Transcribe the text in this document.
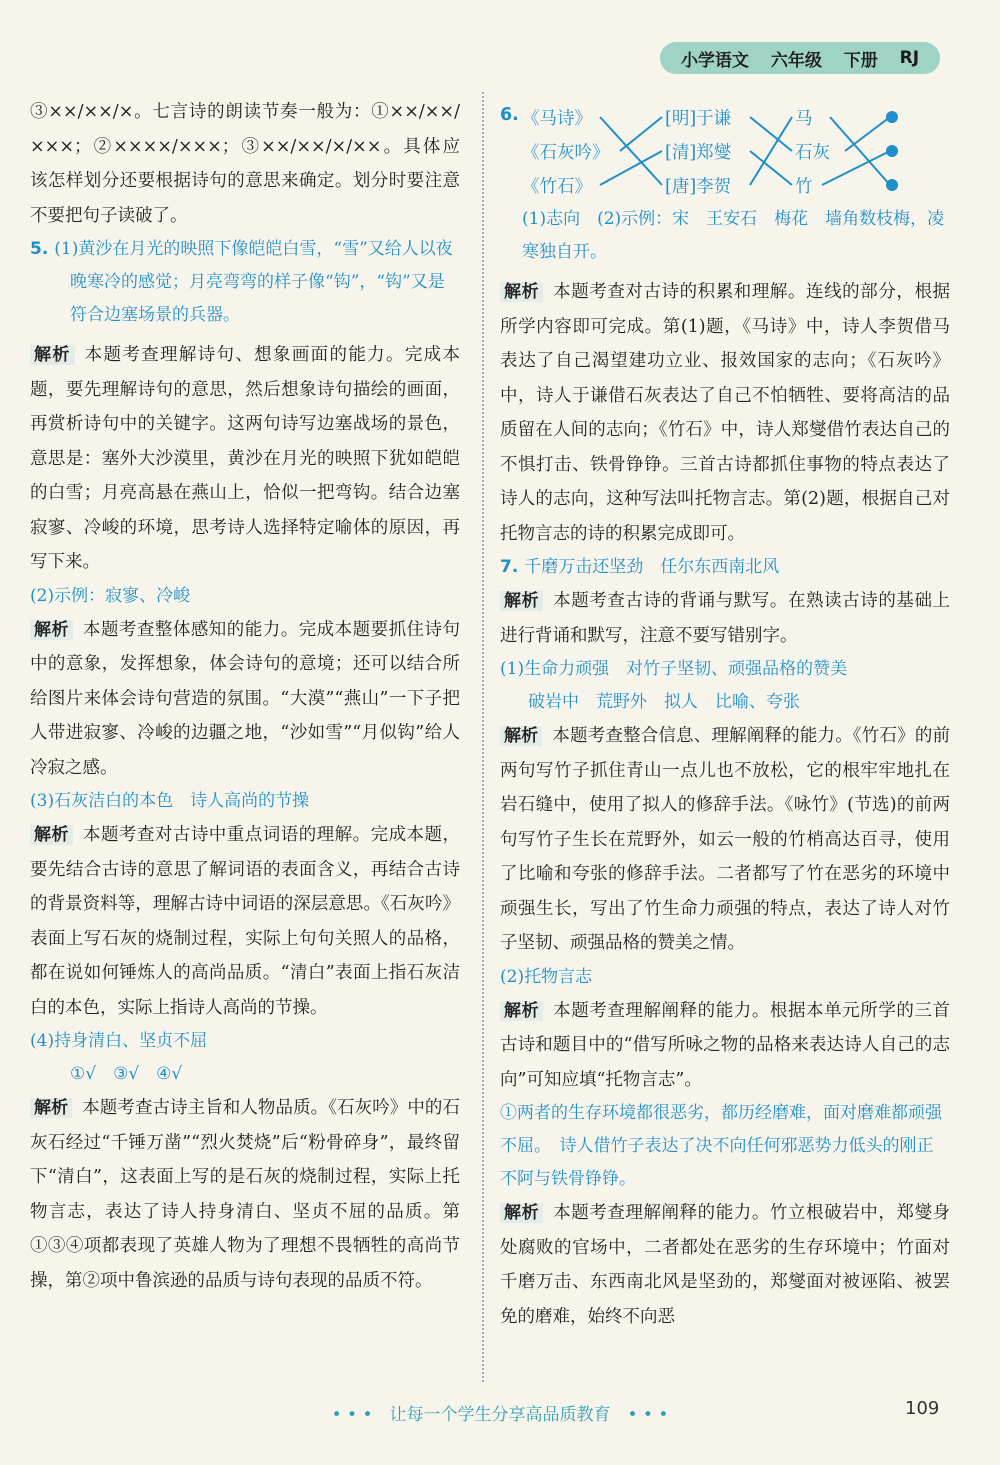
小学语文 六年级 下册 RJ

③××/××/×。七言诗的朗读节奏一般为：①××/××/×××；②××××/×××；③××/××/×/××。具体应该怎样划分还要根据诗句的意思来确定。划分时要注意不要把句子读破了。

5. (1)黄沙在月光的映照下像皑皑白雪，“雪”又给人以夜晚寒冷的感觉；月亮弯弯的样子像“钩”，“钩”又是符合边塞场景的兵器。

解析 本题考查理解诗句、想象画面的能力。完成本题，要先理解诗句的意思，然后想象诗句描绘的画面，再赏析诗句中的关键字。这两句诗写边塞战场的景色，意思是：塞外大沙漠里，黄沙在月光的映照下犹如皑皑的白雪；月亮高悬在燕山上，恰似一把弯钩。结合边塞寂寥、冷峻的环境，思考诗人选择特定喻体的原因，再写下来。

(2)示例：寂寥、冷峻

解析 本题考查整体感知的能力。完成本题要抓住诗句中的意象，发挥想象，体会诗句的意境；还可以结合所给图片来体会诗句营造的氛围。“大漠”“燕山”一下子把人带进寂寥、冷峻的边疆之地，“沙如雪”“月似钩”给人冷寂之感。

(3)石灰洁白的本色　诗人高尚的节操

解析 本题考查对古诗中重点词语的理解。完成本题，要先结合古诗的意思了解词语的表面含义，再结合古诗的背景资料等，理解古诗中词语的深层意思。《石灰吟》表面上写石灰的烧制过程，实际上句句关照人的品格，都在说如何锤炼人的高尚品质。“清白”表面上指石灰洁白的本色，实际上指诗人高尚的节操。

(4)持身清白、坚贞不屈

①√　③√　④√

解析 本题考查古诗主旨和人物品质。《石灰吟》中的石灰石经过“千锤万凿”“烈火焚烧”后“粉骨碎身”，最终留下“清白”，这表面上写的是石灰的烧制过程，实际上托物言志，表达了诗人持身清白、坚贞不屈的品质。第①③④项都表现了英雄人物为了理想不畏牺牲的高尚节操，第②项中鲁滨逊的品质与诗句表现的品质不符。

6. 《马诗》
《石灰吟》
《竹石》
[明]于谦
[清]郑燮
[唐]李贺
马
石灰
竹

(1)志向　(2)示例：宋　王安石　梅花　墙角数枝梅，凌寒独自开。

解析 本题考查对古诗的积累和理解。连线的部分，根据所学内容即可完成。第(1)题，《马诗》中，诗人李贺借马表达了自己渴望建功立业、报效国家的志向；《石灰吟》中，诗人于谦借石灰表达了自己不怕牺牲、要将高洁的品质留在人间的志向；《竹石》中，诗人郑燮借竹表达自己的不惧打击、铁骨铮铮。三首古诗都抓住事物的特点表达了诗人的志向，这种写法叫托物言志。第(2)题，根据自己对托物言志的诗的积累完成即可。

7. 千磨万击还坚劲　任尔东西南北风

解析 本题考查古诗的背诵与默写。在熟读古诗的基础上进行背诵和默写，注意不要写错别字。

(1)生命力顽强　对竹子坚韧、顽强品格的赞美

破岩中　荒野外　拟人　比喻、夸张

解析 本题考查整合信息、理解阐释的能力。《竹石》的前两句写竹子抓住青山一点儿也不放松，它的根牢牢地扎在岩石缝中，使用了拟人的修辞手法。《咏竹》(节选)的前两句写竹子生长在荒野外，如云一般的竹梢高达百寻，使用了比喻和夸张的修辞手法。二者都写了竹在恶劣的环境中顽强生长，写出了竹生命力顽强的特点，表达了诗人对竹子坚韧、顽强品格的赞美之情。

(2)托物言志

解析 本题考查理解阐释的能力。根据本单元所学的三首古诗和题目中的“借写所咏之物的品格来表达诗人自己的志向”可知应填“托物言志”。

①两者的生存环境都很恶劣，都历经磨难，面对磨难都顽强不屈。　诗人借竹子表达了决不向任何邪恶势力低头的刚正不阿与铁骨铮铮。

解析 本题考查理解阐释的能力。竹立根破岩中，郑燮身处腐败的官场中，二者都处在恶劣的生存环境中；竹面对千磨万击、东西南北风是坚劲的，郑燮面对被诬陷、被罢免的磨难，始终不向恶

• • •　让每一个学生分享高品质教育　• • •	109
